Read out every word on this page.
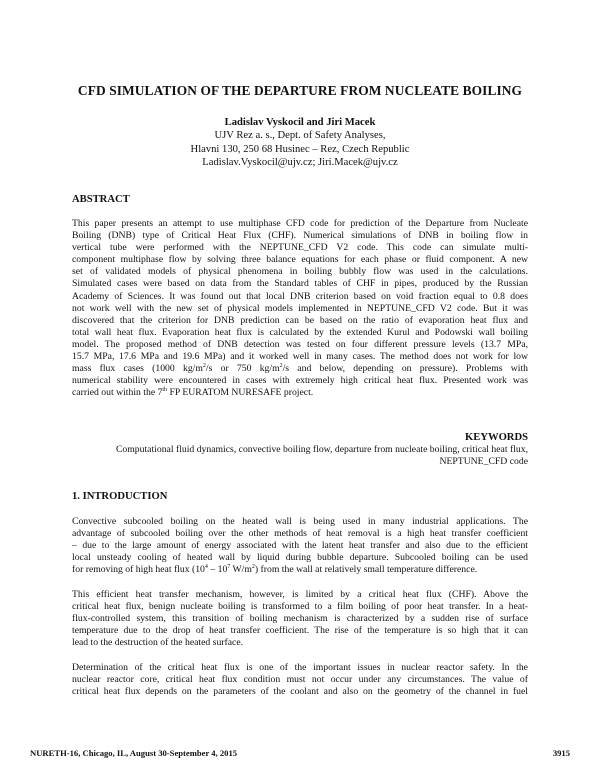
CFD SIMULATION OF THE DEPARTURE FROM NUCLEATE BOILING
Ladislav Vyskocil and Jiri Macek
UJV Rez a. s., Dept. of Safety Analyses,
Hlavni 130, 250 68 Husinec – Rez, Czech Republic
Ladislav.Vyskocil@ujv.cz; Jiri.Macek@ujv.cz
ABSTRACT
This paper presents an attempt to use multiphase CFD code for prediction of the Departure from Nucleate
Boiling (DNB) type of Critical Heat Flux (CHF). Numerical simulations of DNB in boiling flow in
vertical tube were performed with the NEPTUNE_CFD V2 code. This code can simulate multi-
component multiphase flow by solving three balance equations for each phase or fluid component. A new
set of validated models of physical phenomena in boiling bubbly flow was used in the calculations.
Simulated cases were based on data from the Standard tables of CHF in pipes, produced by the Russian
Academy of Sciences. It was found out that local DNB criterion based on void fraction equal to 0.8 does
not work well with the new set of physical models implemented in NEPTUNE_CFD V2 code. But it was
discovered that the criterion for DNB prediction can be based on the ratio of evaporation heat flux and
total wall heat flux. Evaporation heat flux is calculated by the extended Kurul and Podowski wall boiling
model. The proposed method of DNB detection was tested on four different pressure levels (13.7 MPa,
15.7 MPa, 17.6 MPa and 19.6 MPa) and it worked well in many cases. The method does not work for low
mass flux cases (1000 $kg/m^2/s$ or 750 $kg/m^2/s$ and below, depending on pressure). Problems with
numerical stability were encountered in cases with extremely high critical heat flux. Presented work was
carried out within the 7th FP EURATOM NURESAFE project.
KEYWORDS
Computational fluid dynamics, convective boiling flow, departure from nucleate boiling, critical heat flux,
NEPTUNE_CFD code
1. INTRODUCTION
Convective subcooled boiling on the heated wall is being used in many industrial applications. The
advantage of subcooled boiling over the other methods of heat removal is a high heat transfer coefficient
– due to the large amount of energy associated with the latent heat transfer and also due to the efficient
local unsteady cooling of heated wall by liquid during bubble departure. Subcooled boiling can be used
for removing of high heat flux ($10^4 - 10^7$ $W/m^2$) from the wall at relatively small temperature difference.
This efficient heat transfer mechanism, however, is limited by a critical heat flux (CHF). Above the
critical heat flux, benign nucleate boiling is transformed to a film boiling of poor heat transfer. In a heat-
flux-controlled system, this transition of boiling mechanism is characterized by a sudden rise of surface
temperature due to the drop of heat transfer coefficient. The rise of the temperature is so high that it can
lead to the destruction of the heated surface.
Determination of the critical heat flux is one of the important issues in nuclear reactor safety. In the
nuclear reactor core, critical heat flux condition must not occur under any circumstances. The value of
critical heat flux depends on the parameters of the coolant and also on the geometry of the channel in fuel
NURETH-16, Chicago, IL, August 30-September 4, 2015	3915
